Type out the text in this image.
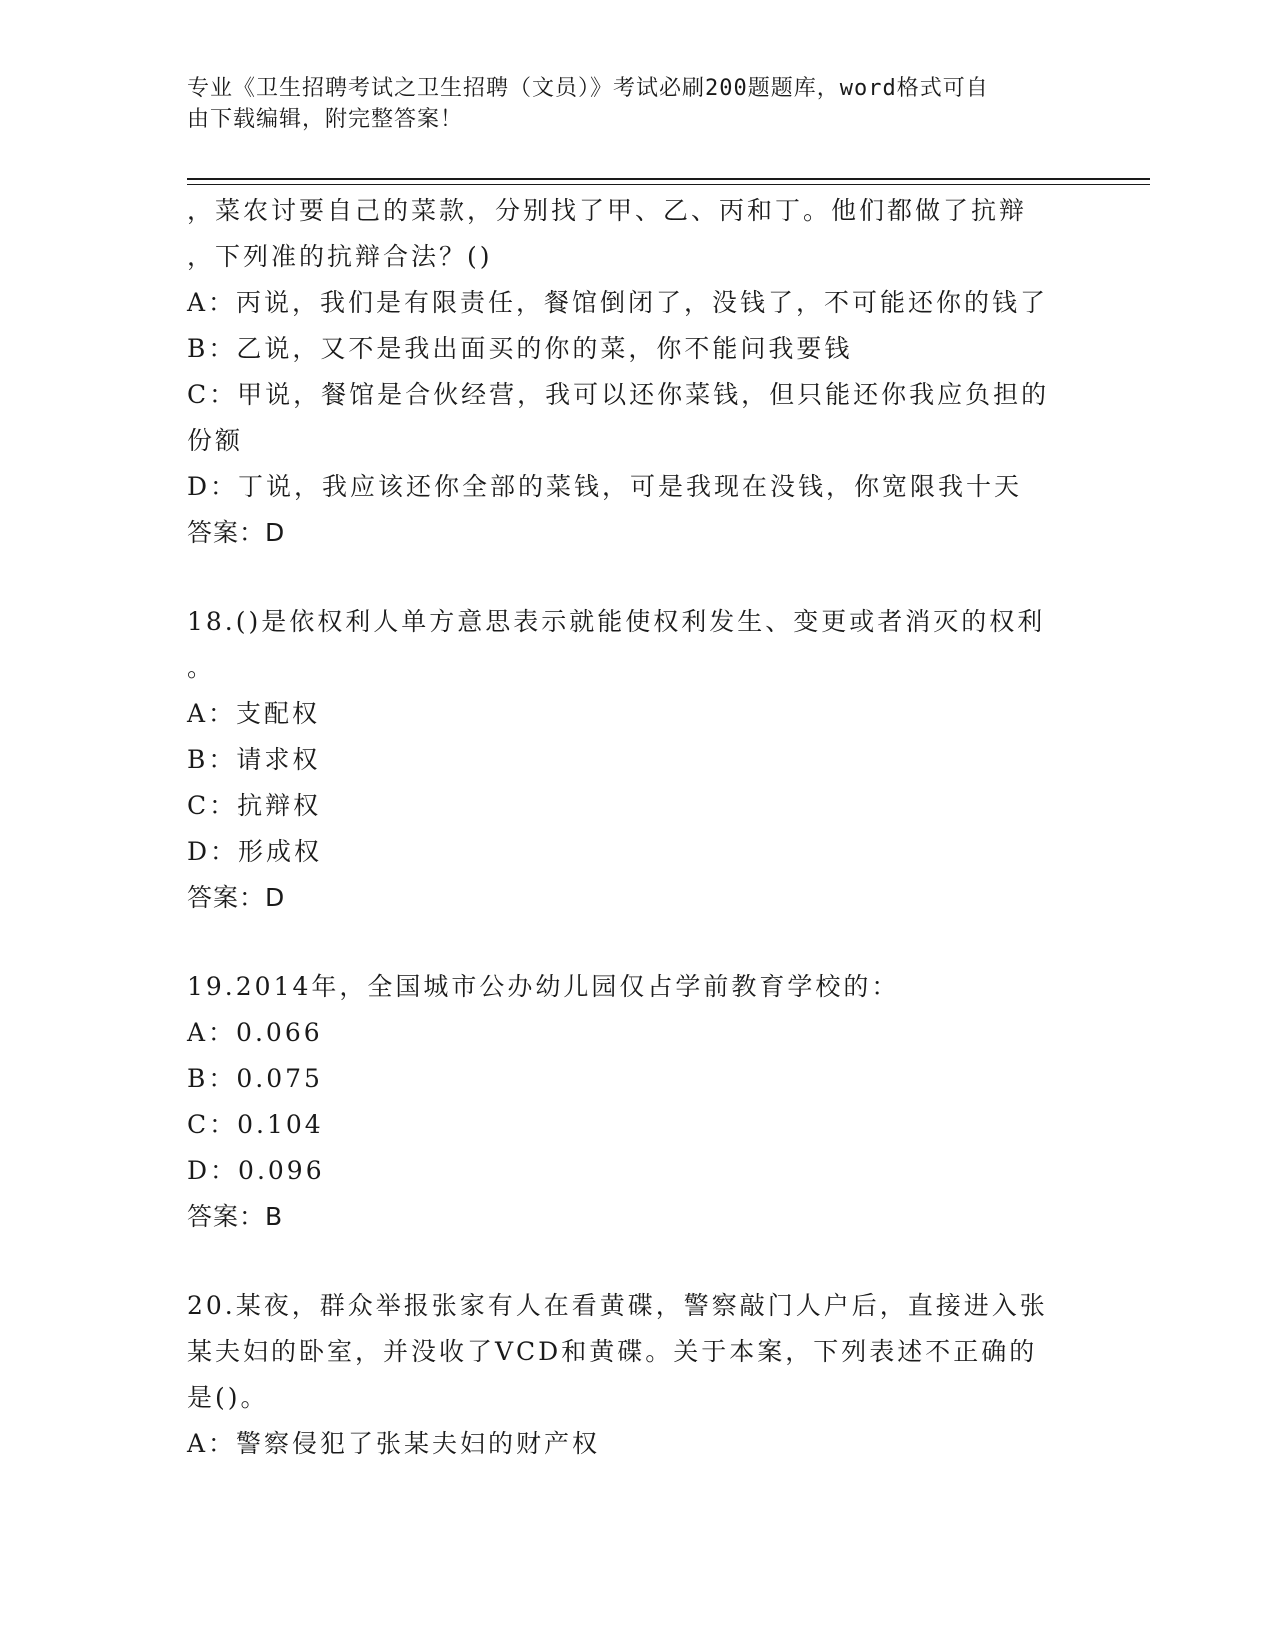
专业《卫生招聘考试之卫生招聘（文员）》考试必刷200题题库，word格式可自
由下载编辑，附完整答案！
，菜农讨要自己的菜款，分别找了甲、乙、丙和丁。他们都做了抗辩
，下列准的抗辩合法？()
A：丙说，我们是有限责任，餐馆倒闭了，没钱了，不可能还你的钱了
B：乙说，又不是我出面买的你的菜，你不能问我要钱
C：甲说，餐馆是合伙经营，我可以还你菜钱，但只能还你我应负担的
份额
D：丁说，我应该还你全部的菜钱，可是我现在没钱，你宽限我十天
答案：D
18.()是依权利人单方意思表示就能使权利发生、变更或者消灭的权利
。
A：支配权
B：请求权
C：抗辩权
D：形成权
答案：D
19.2014年，全国城市公办幼儿园仅占学前教育学校的：
A：0.066
B：0.075
C：0.104
D：0.096
答案：B
20.某夜，群众举报张家有人在看黄碟，警察敲门人户后，直接进入张
某夫妇的卧室，并没收了VCD和黄碟。关于本案，下列表述不正确的
是()。
A：警察侵犯了张某夫妇的财产权
